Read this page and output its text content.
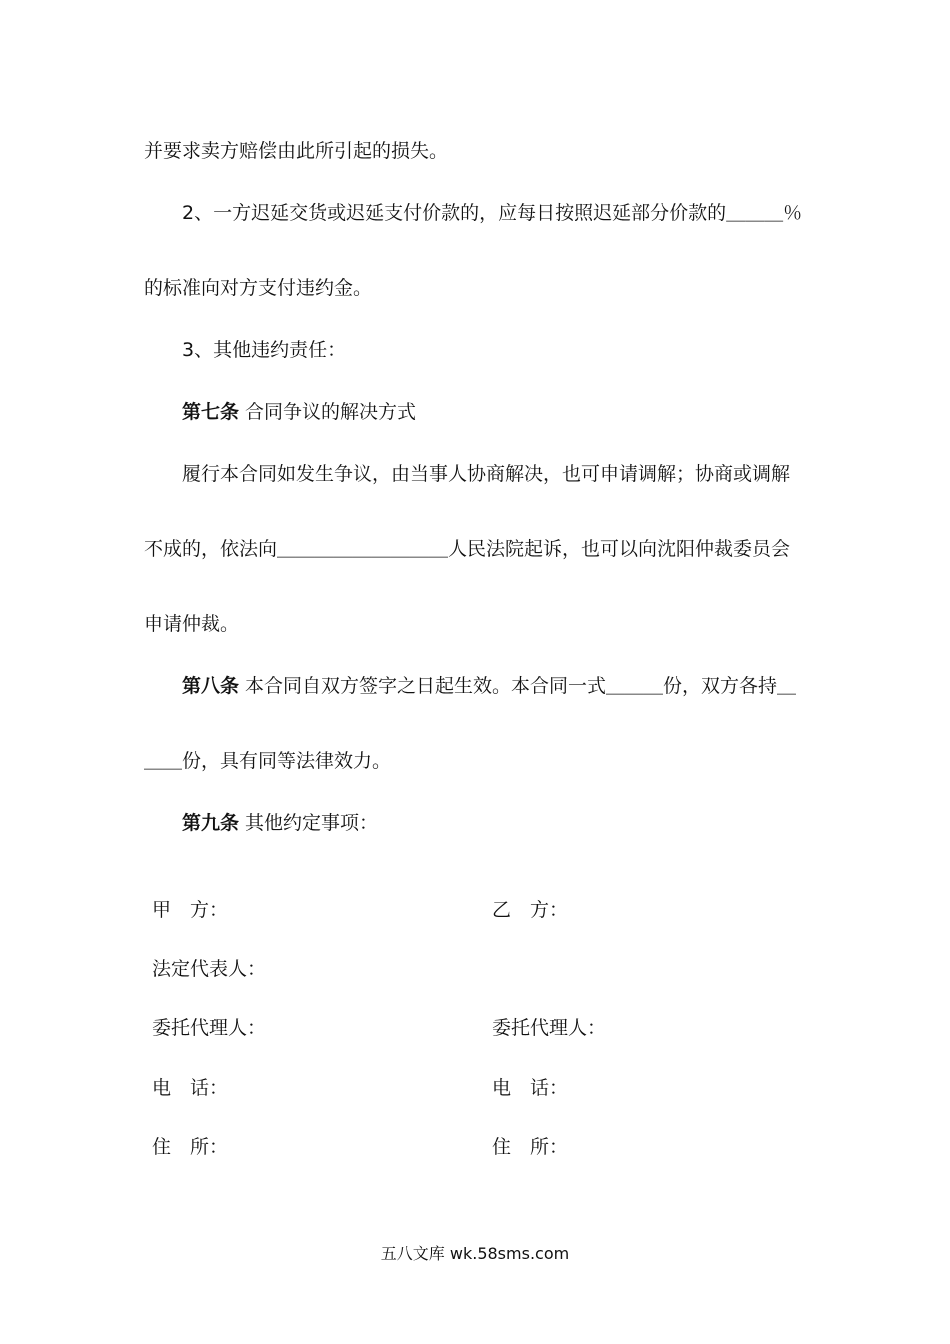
并要求卖方赔偿由此所引起的损失。
2、一方迟延交货或迟延支付价款的，应每日按照迟延部分价款的＿＿＿％
的标准向对方支付违约金。
3、其他违约责任：
第七条 合同争议的解决方式
履行本合同如发生争议，由当事人协商解决，也可申请调解；协商或调解
不成的，依法向＿＿＿＿＿＿＿＿＿人民法院起诉，也可以向沈阳仲裁委员会
申请仲裁。
第八条 本合同自双方签字之日起生效。本合同一式＿＿＿份，双方各持＿
＿＿份，具有同等法律效力。
第九条 其他约定事项：
甲　方：	乙　方：
法定代表人：
委托代理人：	委托代理人：
电　话：	电　话：
住　所：	住　所：
五八文库 wk.58sms.com
